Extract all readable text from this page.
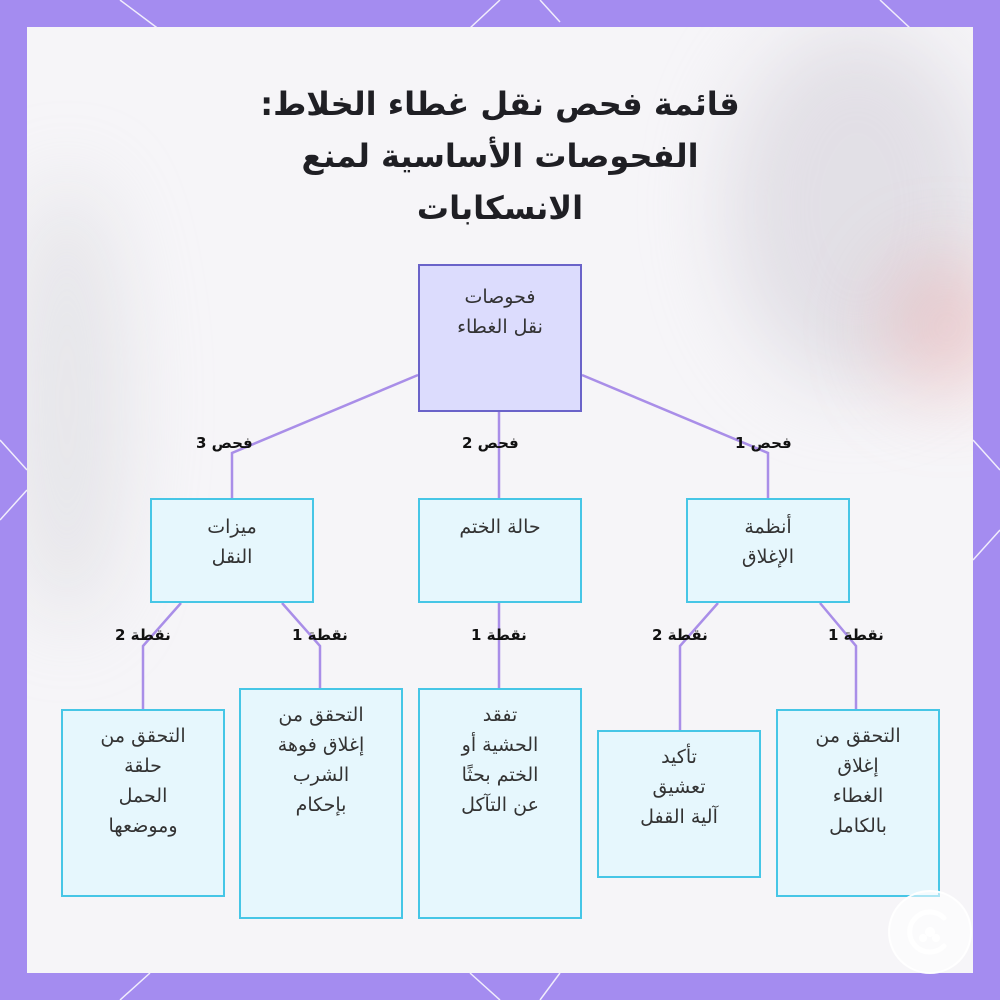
قائمة فحص نقل غطاء الخلاط:
الفحوصات الأساسية لمنع
الانسكابات
فحوصات
نقل الغطاء
فحص 3	فحص 2	فحص 1
أنظمة
الإغلاق
حالة الختم
ميزات
النقل
نقطة 1
نقطة 2
نقطة 1
نقطة 1
نقطة 2
التحقق من
إغلاق
الغطاء
بالكامل
تأكيد
تعشيق
آلية القفل
تفقد
الحشية أو
الختم بحثًا
عن التآكل
التحقق من
إغلاق فوهة
الشرب
بإحكام
التحقق من
حلقة
الحمل
وموضعها
